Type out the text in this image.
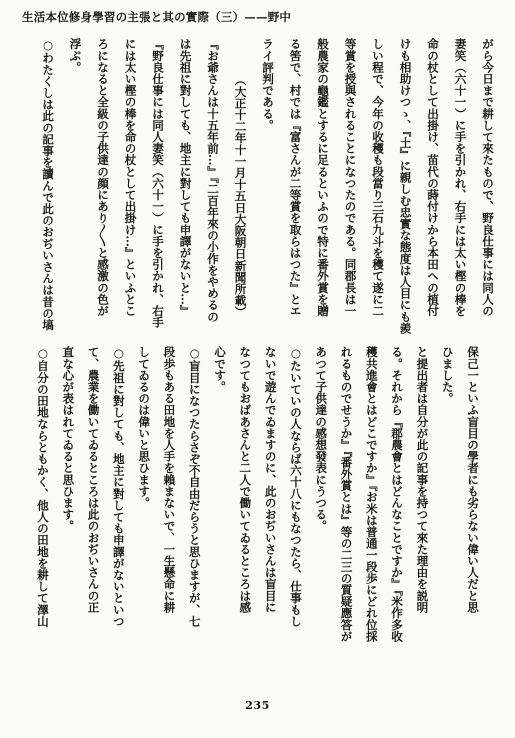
生活本位修身學習の主張と其の實際（三）——野中
がら今日まで耕して來たもので、野良仕事には同人の
妻笑（六十一）に手を引かれ、右手には太い樫の棒を
命の杖として出掛け、苗代の蒔付けから本田への植付
けも相助けつゝ、『土』に親しむ忠實な態度は人目にも羨
しい程で、今年の收穫も段當り三石九斗を穫て遂に二
等賞を授與されることになつたのである。同郡長は一
般農家の龜鑑とするに足るといふので特に番外賞を贈
る筈で、村では『富さんが二等賞を取らはつた』とエ
ライ評判である。
（大正十二年十一月十五日大阪朝日新聞所載）
『お爺さんは十五年前…』『二百年來の小作をやめるの
は先祖に對しても、地主に對しても申譯がないと…』
『野良仕事には同人妻笑（六十一）に手を引かれ、右手
には太い樫の棒を命の杖として出掛け…』といふとこ
ろになると全級の子供達の顔にあり〱と感激の色が
浮ぶ。
○わたくしは此の記事を讀んで此のおぢいさんは昔の塙
保己一といふ盲目の學者にも劣らない偉い人だと思
ひました。
と提出者は自分が此の記事を持つて來た理由を説明
る。それから『郡農會とはどんなことですか』『米作多收
穫共進會とはどこですか』『お米は普通一段歩にどれ位採
れるものでせうか』『番外賞とは』等の二三の質疑應答が
あつて子供達の感想發表にうつる。
○たいていの人ならば六十八にもなつたら、仕事もし
ないで遊んでゐますのに、此のおぢいさんは盲目に
なつてもおばあさんと二人で働いてゐるところは感
心です。
○盲目になつたらさぞ不自由だらうと思ひますが、七
段歩もある田地を人手を賴まないで、一生懸命に耕
してゐるのは偉いと思ひます。
○先祖に對しても、地主に對しても申譯がないといつ
て、農業を働いてゐるところは此のおぢいさんの正
直な心が表はれてゐると思ひます。
○自分の田地ならともかく、他人の田地を耕して澤山
235
